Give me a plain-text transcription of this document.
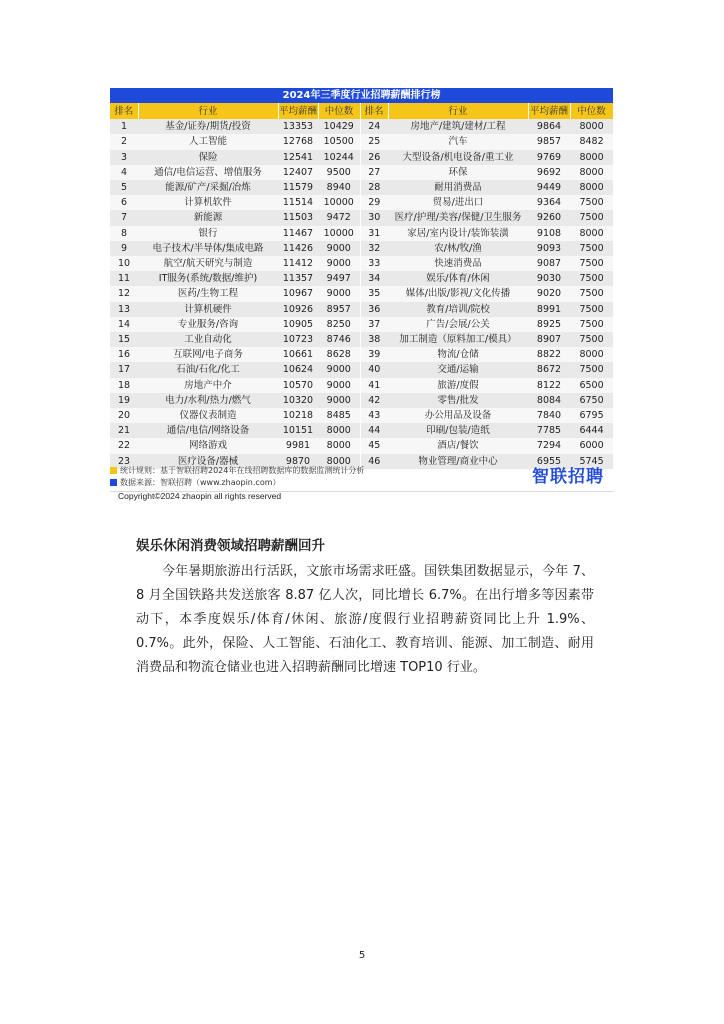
2024年三季度行业招聘薪酬排行榜							
排名	行业	平均薪酬	中位数	排名	行业	平均薪酬	中位数
1	基金/证券/期货/投资	13353	10429	24	房地产/建筑/建材/工程	9864	8000
2	人工智能	12768	10500	25	汽车	9857	8482
3	保险	12541	10244	26	大型设备/机电设备/重工业	9769	8000
4	通信/电信运营、增值服务	12407	9500	27	环保	9692	8000
5	能源/矿产/采掘/冶炼	11579	8940	28	耐用消费品	9449	8000
6	计算机软件	11514	10000	29	贸易/进出口	9364	7500
7	新能源	11503	9472	30	医疗/护理/美容/保健/卫生服务	9260	7500
8	银行	11467	10000	31	家居/室内设计/装饰装潢	9108	8000
9	电子技术/半导体/集成电路	11426	9000	32	农/林/牧/渔	9093	7500
10	航空/航天研究与制造	11412	9000	33	快速消费品	9087	7500
11	IT服务(系统/数据/维护)	11357	9497	34	娱乐/体育/休闲	9030	7500
12	医药/生物工程	10967	9000	35	媒体/出版/影视/文化传播	9020	7500
13	计算机硬件	10926	8957	36	教育/培训/院校	8991	7500
14	专业服务/咨询	10905	8250	37	广告/会展/公关	8925	7500
15	工业自动化	10723	8746	38	加工制造（原料加工/模具）	8907	7500
16	互联网/电子商务	10661	8628	39	物流/仓储	8822	8000
17	石油/石化/化工	10624	9000	40	交通/运输	8672	7500
18	房地产中介	10570	9000	41	旅游/度假	8122	6500
19	电力/水利/热力/燃气	10320	9000	42	零售/批发	8084	6750
20	仪器仪表制造	10218	8485	43	办公用品及设备	7840	6795
21	通信/电信/网络设备	10151	8000	44	印刷/包装/造纸	7785	6444
22	网络游戏	9981	8000	45	酒店/餐饮	7294	6000
23	医疗设备/器械	9870	8000	46	物业管理/商业中心	6955	5745
统计规则：基于智联招聘2024年在线招聘数据库的数据监测统计分析
数据来源：智联招聘（www.zhaopin.com）	智联招聘
Copyright©2024 zhaopin all rights reserved
娱乐休闲消费领域招聘薪酬回升

今年暑期旅游出行活跃，文旅市场需求旺盛。国铁集团数据显示，今年 7、8 月全国铁路共发送旅客 8.87 亿人次，同比增长 6.7%。在出行增多等因素带动下，本季度娱乐/体育/休闲、旅游/度假行业招聘薪资同比上升 1.9%、0.7%。此外，保险、人工智能、石油化工、教育培训、能源、加工制造、耐用消费品和物流仓储业也进入招聘薪酬同比增速 TOP10 行业。

5
